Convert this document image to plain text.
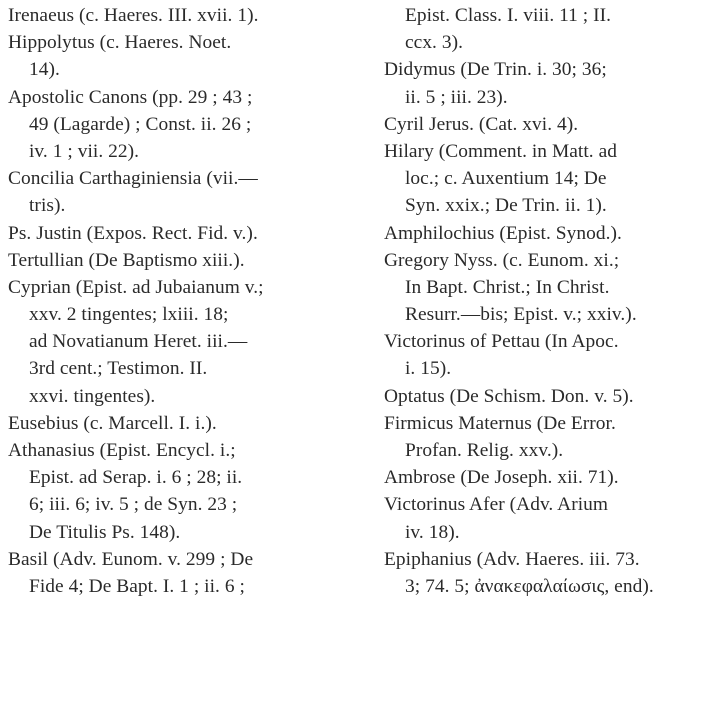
Irenaeus (c. Haeres. III. xvii. 1).
Hippolytus (c. Haeres. Noet.
14).
Apostolic Canons (pp. 29 ; 43 ;
49 (Lagarde) ; Const. ii. 26 ;
iv. 1 ; vii. 22).
Concilia Carthaginiensia (vii.—
tris).
Ps. Justin (Expos. Rect. Fid. v.).
Tertullian (De Baptismo xiii.).
Cyprian (Epist. ad Jubaianum v.;
xxv. 2 tingentes; lxiii. 18;
ad Novatianum Heret. iii.—
3rd cent.; Testimon. II.
xxvi. tingentes).
Eusebius (c. Marcell. I. i.).
Athanasius (Epist. Encycl. i.;
Epist. ad Serap. i. 6 ; 28; ii.
6; iii. 6; iv. 5 ; de Syn. 23 ;
De Titulis Ps. 148).
Basil (Adv. Eunom. v. 299 ; De
Fide 4; De Bapt. I. 1 ; ii. 6 ;
Epist. Class. I. viii. 11 ; II.
ccx. 3).
Didymus (De Trin. i. 30; 36;
ii. 5 ; iii. 23).
Cyril Jerus. (Cat. xvi. 4).
Hilary (Comment. in Matt. ad
loc.; c. Auxentium 14; De
Syn. xxix.; De Trin. ii. 1).
Amphilochius (Epist. Synod.).
Gregory Nyss. (c. Eunom. xi.;
In Bapt. Christ.; In Christ.
Resurr.—bis; Epist. v.; xxiv.).
Victorinus of Pettau (In Apoc.
i. 15).
Optatus (De Schism. Don. v. 5).
Firmicus Maternus (De Error.
Profan. Relig. xxv.).
Ambrose (De Joseph. xii. 71).
Victorinus Afer (Adv. Arium
iv. 18).
Epiphanius (Adv. Haeres. iii. 73.
3; 74. 5; ἀνακεφαλαίωσις, end).
